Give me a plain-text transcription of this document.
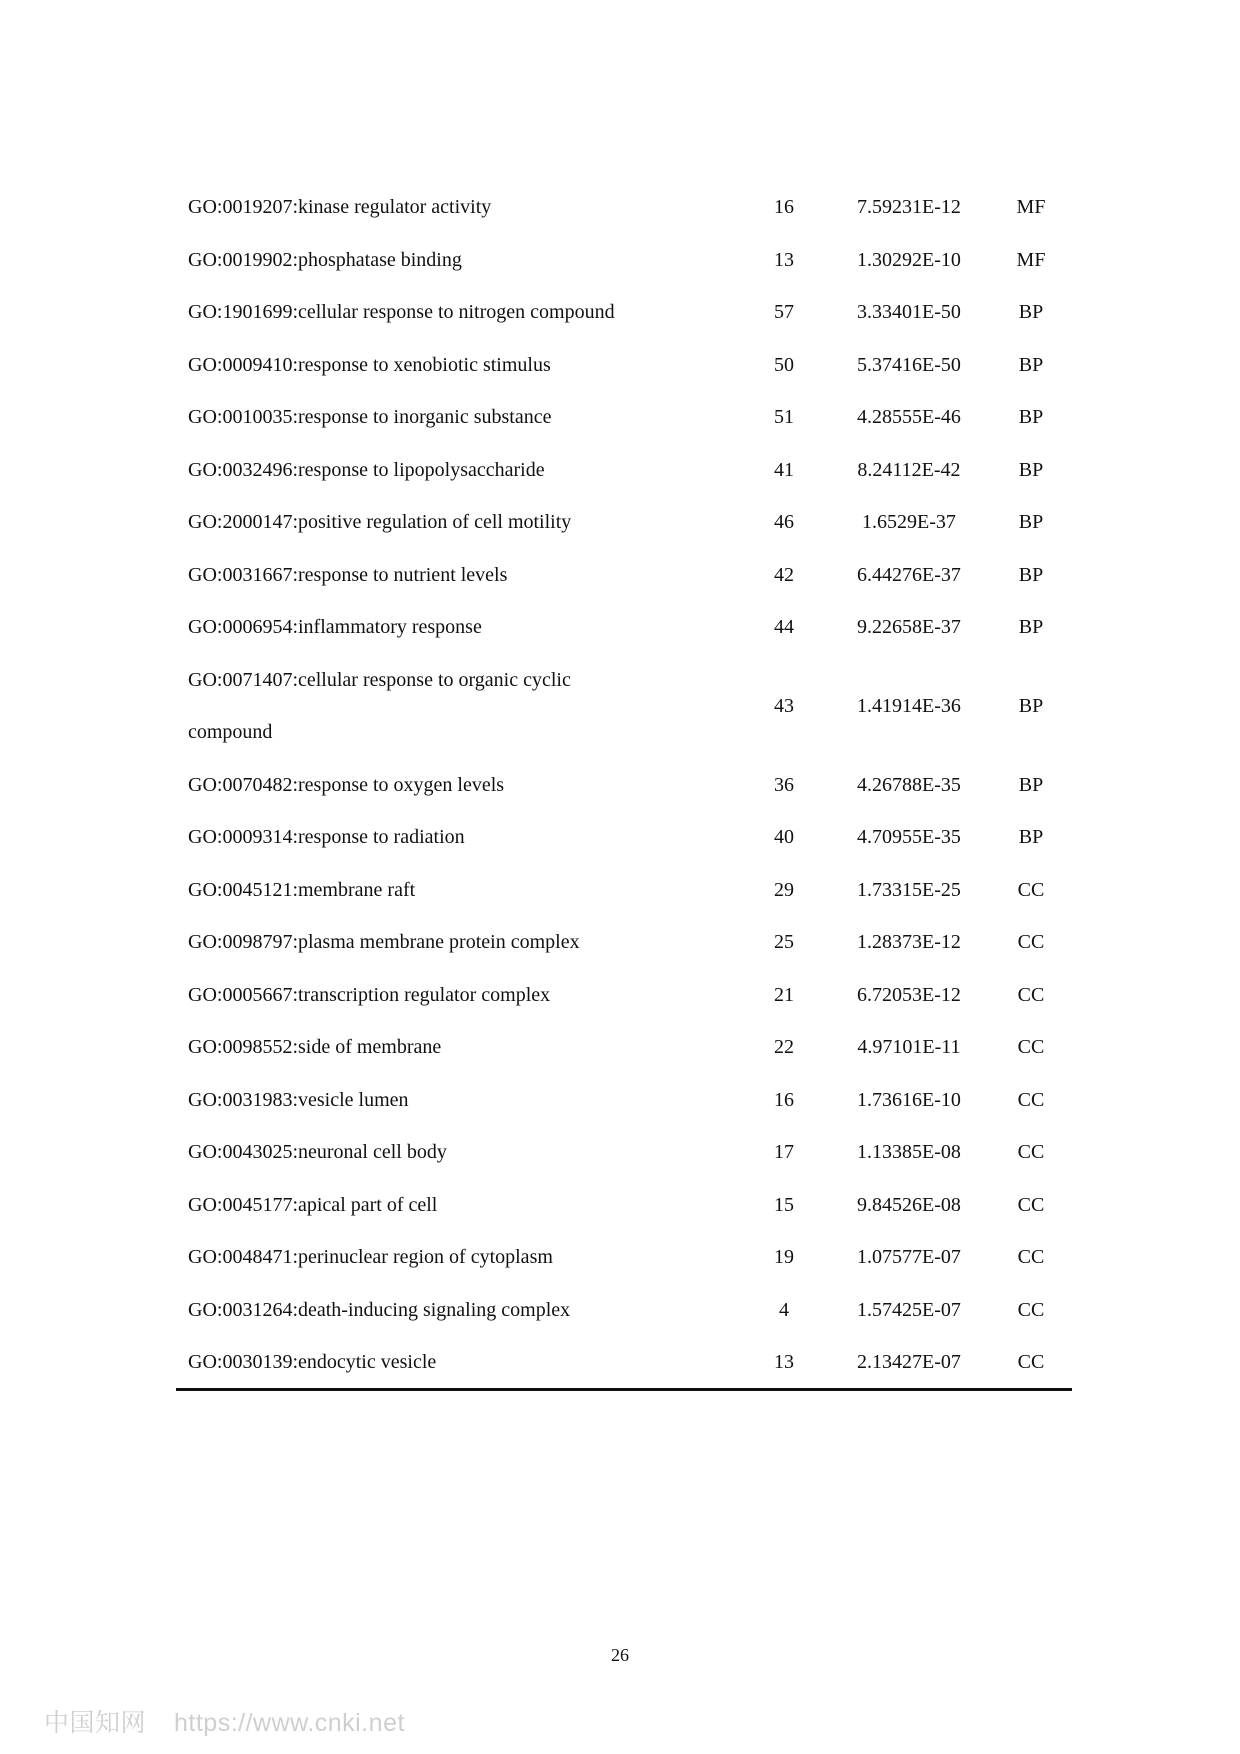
GO:0019207:kinase regulator activity	16	7.59231E-12	MF
GO:0019902:phosphatase binding	13	1.30292E-10	MF
GO:1901699:cellular response to nitrogen compound	57	3.33401E-50	BP
GO:0009410:response to xenobiotic stimulus	50	5.37416E-50	BP
GO:0010035:response to inorganic substance	51	4.28555E-46	BP
GO:0032496:response to lipopolysaccharide	41	8.24112E-42	BP
GO:2000147:positive regulation of cell motility	46	1.6529E-37	BP
GO:0031667:response to nutrient levels	42	6.44276E-37	BP
GO:0006954:inflammatory response	44	9.22658E-37	BP

GO:0071407:cellular response to organic cyclic
compound	43	1.41914E-36	BP
GO:0070482:response to oxygen levels	36	4.26788E-35	BP
GO:0009314:response to radiation	40	4.70955E-35	BP
GO:0045121:membrane raft	29	1.73315E-25	CC
GO:0098797:plasma membrane protein complex	25	1.28373E-12	CC
GO:0005667:transcription regulator complex	21	6.72053E-12	CC
GO:0098552:side of membrane	22	4.97101E-11	CC
GO:0031983:vesicle lumen	16	1.73616E-10	CC
GO:0043025:neuronal cell body	17	1.13385E-08	CC
GO:0045177:apical part of cell	15	9.84526E-08	CC
GO:0048471:perinuclear region of cytoplasm	19	1.07577E-07	CC
GO:0031264:death-inducing signaling complex	4	1.57425E-07	CC
GO:0030139:endocytic vesicle	13	2.13427E-07	CC
26
中国知网 https://www.cnki.net
